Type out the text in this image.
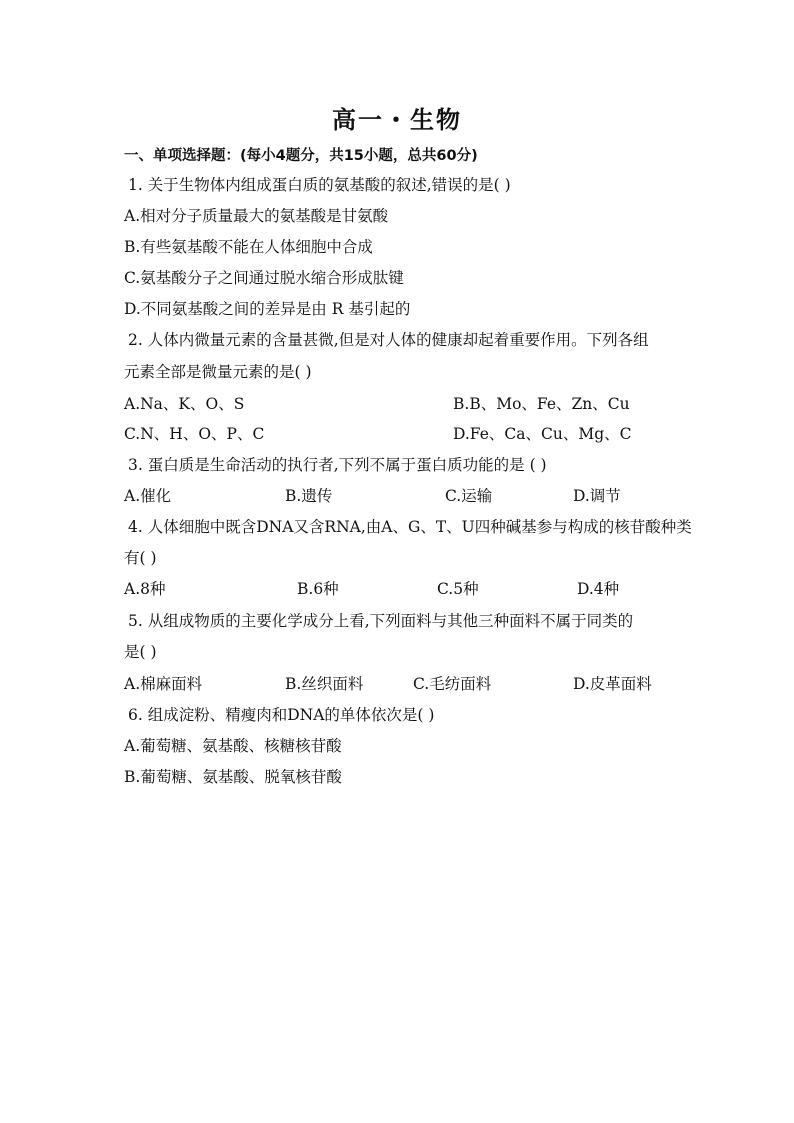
高一・生物
一、单项选择题：(每小4题分，共15小题，总共60分)
1. 关于生物体内组成蛋白质的氨基酸的叙述,错误的是( )
A.相对分子质量最大的氨基酸是甘氨酸
B.有些氨基酸不能在人体细胞中合成
C.氨基酸分子之间通过脱水缩合形成肽键
D.不同氨基酸之间的差异是由 R 基引起的
2. 人体内微量元素的含量甚微,但是对人体的健康却起着重要作用。下列各组
元素全部是微量元素的是( )
A.Na、K、O、S	B.B、Mo、Fe、Zn、Cu
C.N、H、O、P、C	D.Fe、Ca、Cu、Mg、C
3. 蛋白质是生命活动的执行者,下列不属于蛋白质功能的是 ( )
A.催化	B.遗传	C.运输	D.调节
4. 人体细胞中既含DNA又含RNA,由A、G、T、U四种碱基参与构成的核苷酸种类
有( )
A.8种	B.6种	C.5种	D.4种
5. 从组成物质的主要化学成分上看,下列面料与其他三种面料不属于同类的
是( )
A.棉麻面料	B.丝织面料	C.毛纺面料	D.皮革面料
6. 组成淀粉、精瘦肉和DNA的单体依次是( )
A.葡萄糖、氨基酸、核糖核苷酸
B.葡萄糖、氨基酸、脱氧核苷酸
